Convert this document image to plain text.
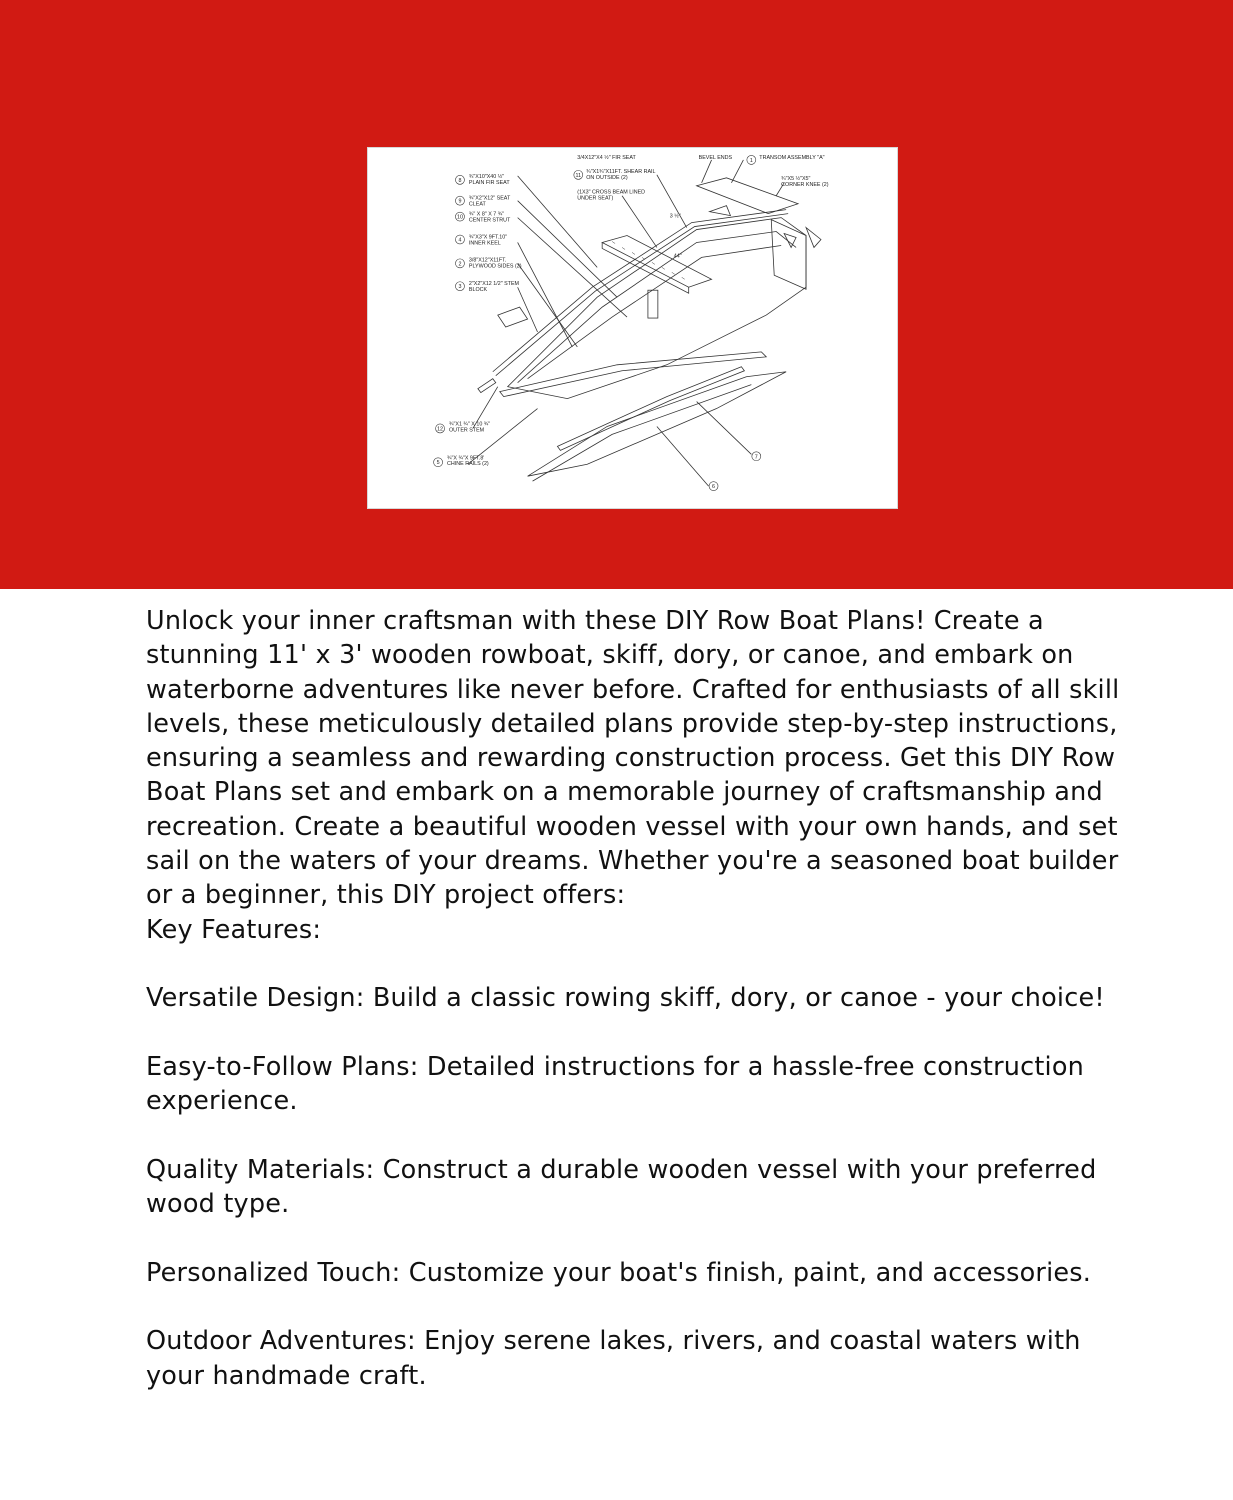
8
9
10
4
2
3
11
1
12
5
7
6
¾"X10"X40 ½" PLAIN FIR SEAT
¾"X2"X12" SEAT CLEAT
¾" X 8" X 7 ¾" CENTER STRUT
¾"X3"X 9FT.10" INNER KEEL
3/8"X12"X11FT. PLYWOOD SIDES (2)
2"X2"X12 1/2" STEM BLOCK
3/4X12"X4 ½" FIR SEAT	BEVEL ENDS	TRANSOM ASSEMBLY "A"
¾"X1¾"X11FT. SHEAR RAIL ON OUTSIDE (2)
(1X3" CROSS BEAM LINED UNDER SEAT)
¾"X5 ½"X5" CORNER KNEE (2)
¾"X1 ¾" X 10 ¾" OUTER STEM
¾"X ¾"X 9FT.8' CHINE RAILS (2)
44"
3 ½"

Unlock your inner craftsman with these DIY Row Boat Plans! Create a stunning 11' x 3' wooden rowboat, skiff, dory, or canoe, and embark on waterborne adventures like never before. Crafted for enthusiasts of all skill levels, these meticulously detailed plans provide step-by-step instructions, ensuring a seamless and rewarding construction process. Get this DIY Row Boat Plans set and embark on a memorable journey of craftsmanship and recreation. Create a beautiful wooden vessel with your own hands, and set sail on the waters of your dreams. Whether you're a seasoned boat builder or a beginner, this DIY project offers:

Key Features:

Versatile Design: Build a classic rowing skiff, dory, or canoe - your choice!

Easy-to-Follow Plans: Detailed instructions for a hassle-free construction experience.

Quality Materials: Construct a durable wooden vessel with your preferred wood type.

Personalized Touch: Customize your boat's finish, paint, and accessories.

Outdoor Adventures: Enjoy serene lakes, rivers, and coastal waters with your handmade craft.
